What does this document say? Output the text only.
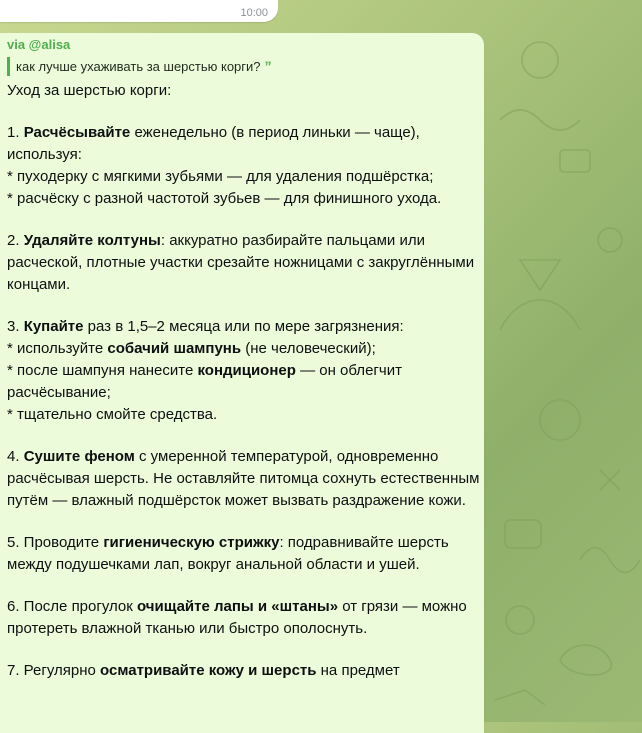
10:00
via @alisa
как лучше ухаживать за шерстью корги? ”

Уход за шерстью корги:

1. Расчёсывайте еженедельно (в период линьки — чаще), используя:

* пуходерку с мягкими зубьями — для удаления подшёрстка;

* расчёску с разной частотой зубьев — для финишного ухода.

2. Удаляйте колтуны: аккуратно разбирайте пальцами или расческой, плотные участки срезайте ножницами с закруглёнными концами.

3. Купайте раз в 1,5–2 месяца или по мере загрязнения:

* используйте собачий шампунь (не человеческий);

* после шампуня нанесите кондиционер — он облегчит расчёсывание;

* тщательно смойте средства.

4. Сушите феном с умеренной температурой, одновременно расчёсывая шерсть. Не оставляйте питомца сохнуть естественным путём — влажный подшёрсток может вызвать раздражение кожи.

5. Проводите гигиеническую стрижку: подравнивайте шерсть между подушечками лап, вокруг анальной области и ушей.

6. После прогулок очищайте лапы и «штаны» от грязи — можно протереть влажной тканью или быстро ополоснуть.

7. Регулярно осматривайте кожу и шерсть на предмет
